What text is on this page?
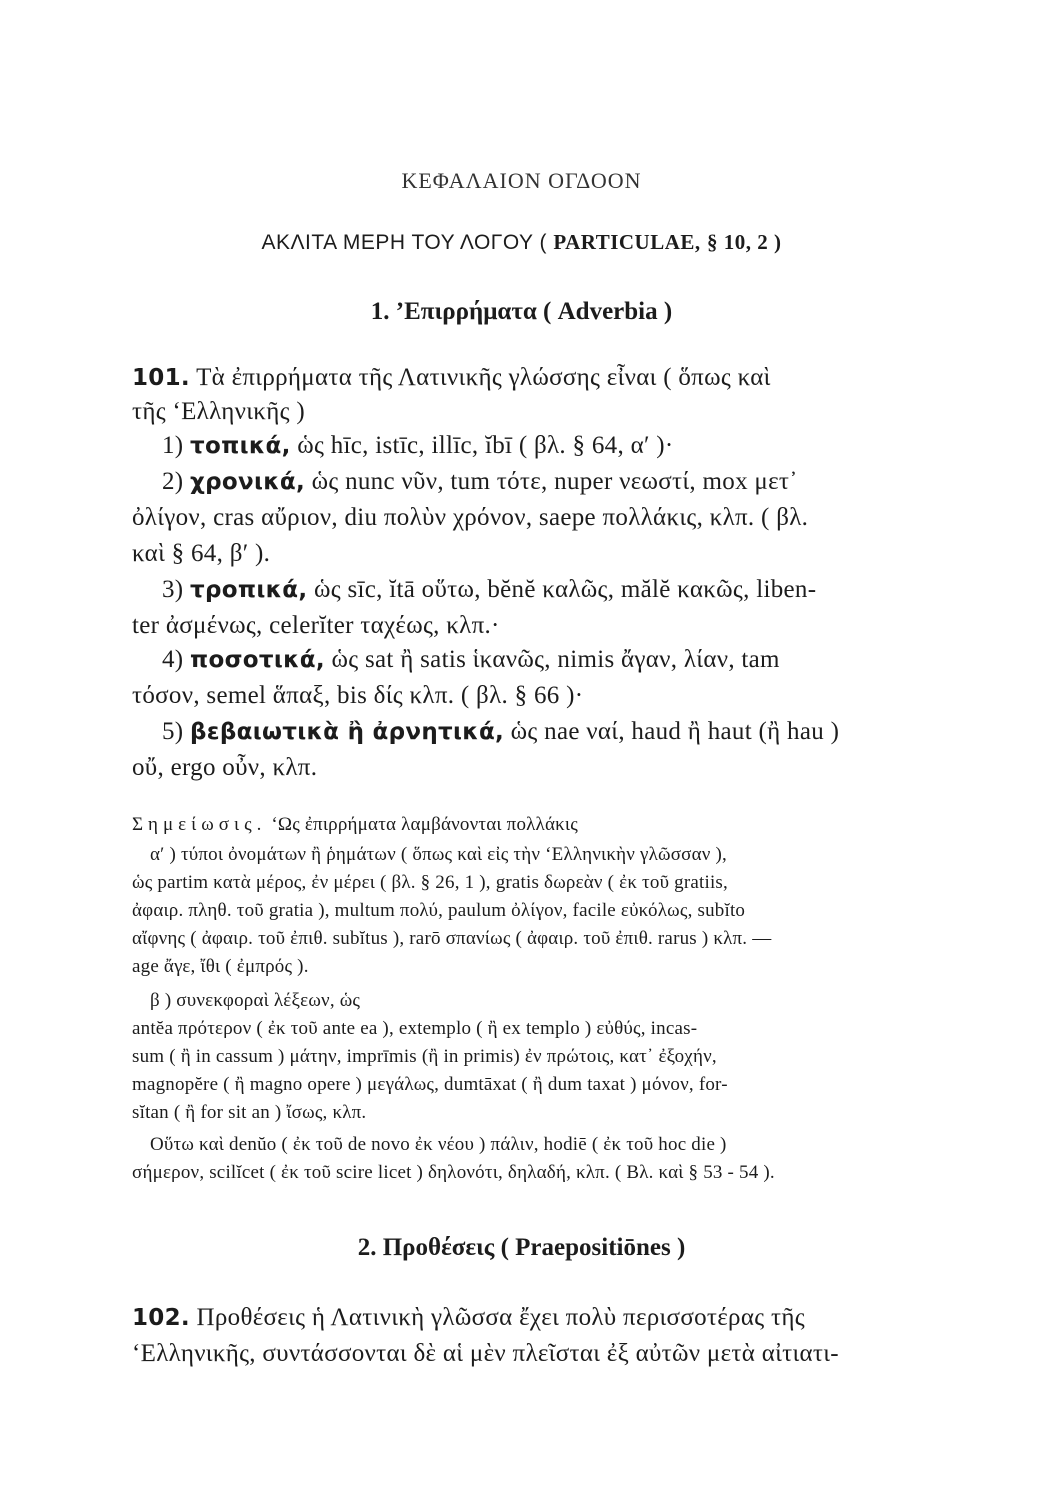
ΚΕΦΑΛΑΙΟΝ ΟΓΔΟΟΝ
ΑΚΛΙΤΑ ΜΕΡΗ ΤΟΥ ΛΟΓΟΥ ( PARTICULAE, § 10, 2 )
1. ’Επιρρήματα ( Adverbia )
101. Τὰ ἐπιρρήματα τῆς Λατινικῆς γλώσσης εἶναι ( ὅπως καὶ
τῆς ‘Ελληνικῆς )
1) τοπικά, ὡς hīc, istīc, illīc, ĭbī ( βλ. § 64, α′ )·
2) χρονικά, ὡς nunc νῦν, tum τότε, nuper νεωστί, mox μετ᾽
ὀλίγον, cras αὔριον, diu πολὺν χρόνον, saepe πολλάκις, κλπ. ( βλ.
καὶ § 64, β′ ).
3) τροπικά, ὡς sīc, ĭtā οὕτω, bĕnĕ καλῶς, mălĕ κακῶς, liben-
ter ἀσμένως, celerĭter ταχέως, κλπ.·
4) ποσοτικά, ὡς sat ἢ satis ἱκανῶς, nimis ἄγαν, λίαν, tam
τόσον, semel ἅπαξ, bis δίς κλπ. ( βλ. § 66 )·
5) βεβαιωτικὰ ἢ ἀρνητικά, ὡς nae ναί, haud ἢ haut (ἢ hau )
οὔ, ergo οὖν, κλπ.
Σημείωσις. ‘Ως ἐπιρρήματα λαμβάνονται πολλάκις
α′ ) τύποι ὀνομάτων ἢ ῥημάτων ( ὅπως καὶ εἰς τὴν ‘Ελληνικὴν γλῶσσαν ),
ὡς partim κατὰ μέρος, ἐν μέρει ( βλ. § 26, 1 ), gratis δωρεὰν ( ἐκ τοῦ gratiis,
ἀφαιρ. πληθ. τοῦ gratia ), multum πολύ, paulum ὀλίγον, facile εὐκόλως, subĭto
αἴφνης ( ἀφαιρ. τοῦ ἐπιθ. subĭtus ), rarō σπανίως ( ἀφαιρ. τοῦ ἐπιθ. rarus ) κλπ. —
age ἄγε, ἴθι ( ἐμπρός ).
β ) συνεκφοραὶ λέξεων, ὡς
antĕa πρότερον ( ἐκ τοῦ ante ea ), extemplo ( ἢ ex templo ) εὐθύς, incas-
sum ( ἢ in cassum ) μάτην, imprīmis (ἢ in primis) ἐν πρώτοις, κατ᾽ ἐξοχήν,
magnopĕre ( ἢ magno opere ) μεγάλως, dumtāxat ( ἢ dum taxat ) μόνον, for-
sĭtan ( ἢ for sit an ) ἴσως, κλπ.
Οὕτω καὶ denŭo ( ἐκ τοῦ de novo ἐκ νέου ) πάλιν, hodiē ( ἐκ τοῦ hoc die )
σήμερον, scilĭcet ( ἐκ τοῦ scire licet ) δηλονότι, δηλαδή, κλπ. ( Βλ. καὶ § 53 - 54 ).
2. Προθέσεις ( Praepositiōnes )
102. Προθέσεις ἡ Λατινικὴ γλῶσσα ἔχει πολὺ περισσοτέρας τῆς
‘Ελληνικῆς, συντάσσονται δὲ αἱ μὲν πλεῖσται ἐξ αὐτῶν μετὰ αἰτιατι-
